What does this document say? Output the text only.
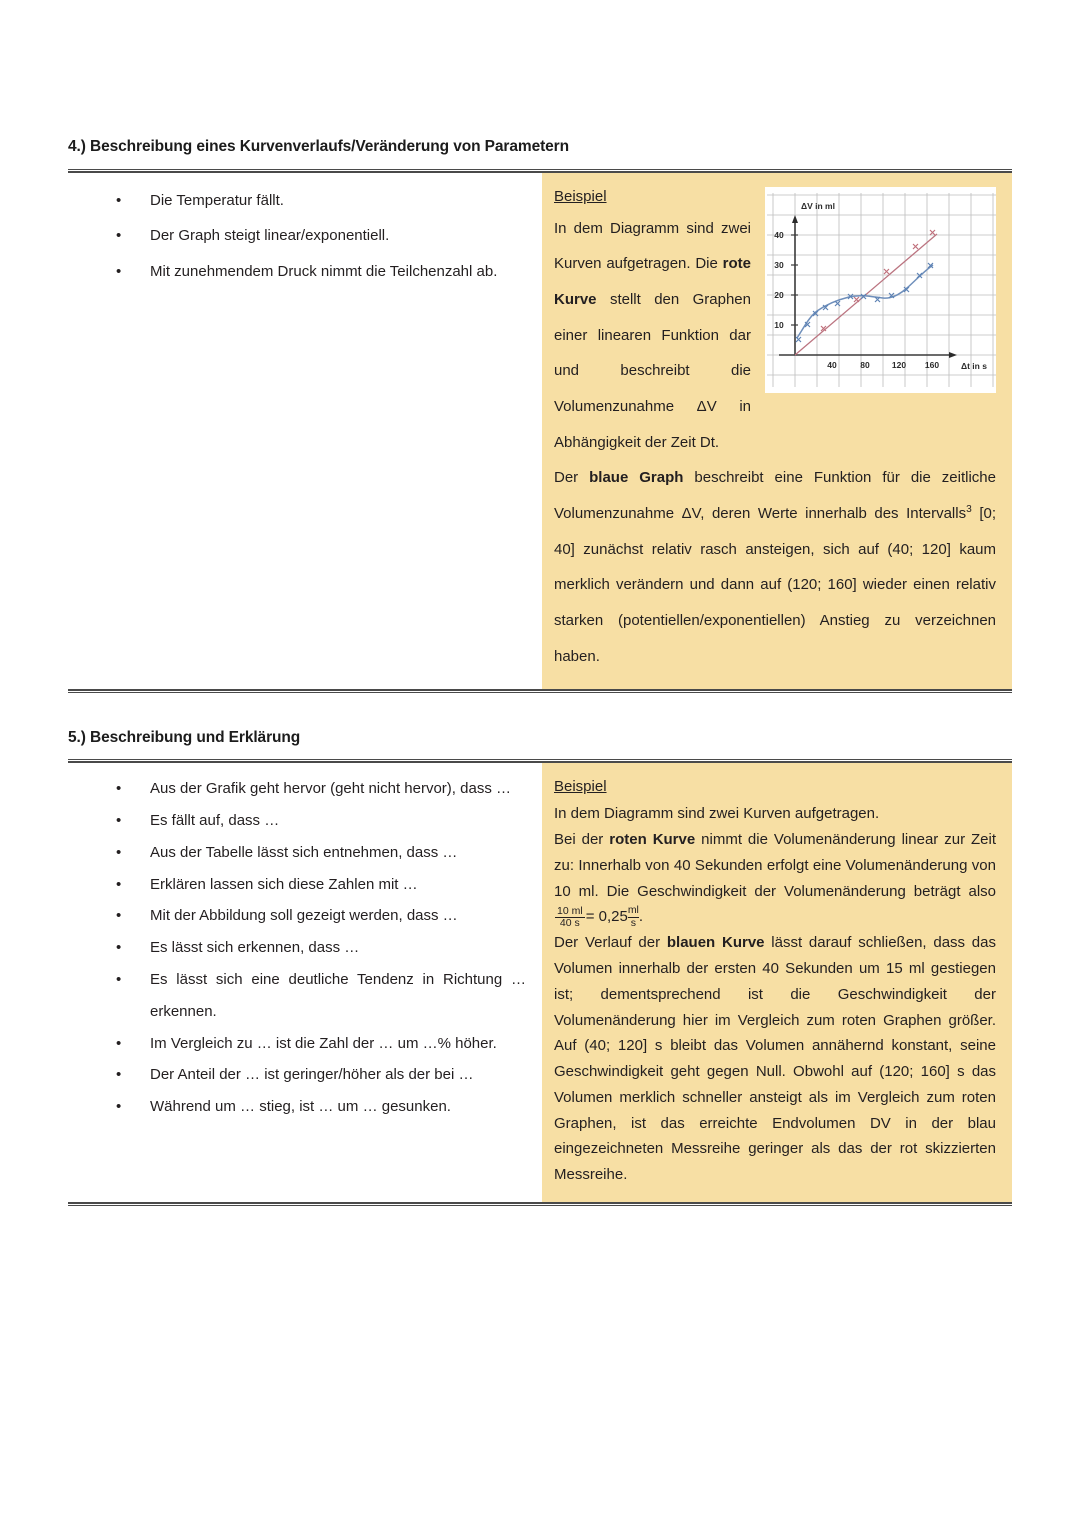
4.) Beschreibung eines Kurvenverlaufs/Veränderung von Parametern
• Die Temperatur fällt.
• Der Graph steigt linear/exponentiell.
• Mit zunehmendem Druck nimmt die Teilchenzahl ab.

40
30
20
10
40	80	120 160
ΔV in ml
Δt in s
Beispiel

In dem Diagramm sind zwei Kurven aufgetragen. Die rote Kurve stellt den Graphen einer linearen Funktion dar und beschreibt die Volumenzunahme ΔV in Abhängigkeit der Zeit Dt.

Der blaue Graph beschreibt eine Funktion für die zeitliche Volumenzunahme ΔV, deren Werte innerhalb des Intervalls$^3$ [0; 40] zunächst relativ rasch ansteigen, sich auf (40; 120] kaum merklich verändern und dann auf (120; 160] wieder einen relativ starken (potentiellen/exponentiellen) Anstieg zu verzeichnen haben.

5.) Beschreibung und Erklärung
• Aus der Grafik geht hervor (geht nicht hervor), dass …
• Es fällt auf, dass …
• Aus der Tabelle lässt sich entnehmen, dass …
• Erklären lassen sich diese Zahlen mit …
• Mit der Abbildung soll gezeigt werden, dass …
• Es lässt sich erkennen, dass …
• Es lässt sich eine deutliche Tendenz in Richtung … erkennen.
• Im Vergleich zu … ist die Zahl der … um …% höher.
• Der Anteil der … ist geringer/höher als der bei …
• Während um … stieg, ist … um … gesunken.

Beispiel

In dem Diagramm sind zwei Kurven aufgetragen.

Bei der roten Kurve nimmt die Volumenänderung linear zur Zeit zu: Innerhalb von 40 Sekunden erfolgt eine Volumenänderung von 10 ml. Die Geschwindigkeit der Volumenänderung beträgt also
$\frac{10 ml}{40 s} = 0,25 \frac{ml}{s}$ .

Der Verlauf der blauen Kurve lässt darauf schließen, dass das Volumen innerhalb der ersten 40 Sekunden um 15 ml gestiegen ist; dementsprechend ist die Geschwindigkeit der Volumenänderung hier im Vergleich zum roten Graphen größer. Auf (40; 120] s bleibt das Volumen annähernd konstant, seine Geschwindigkeit geht gegen Null. Obwohl auf (120; 160] s das Volumen merklich schneller ansteigt als im Vergleich zum roten Graphen, ist das erreichte Endvolumen DV in der blau eingezeichneten Messreihe geringer als das der rot skizzierten Messreihe.
